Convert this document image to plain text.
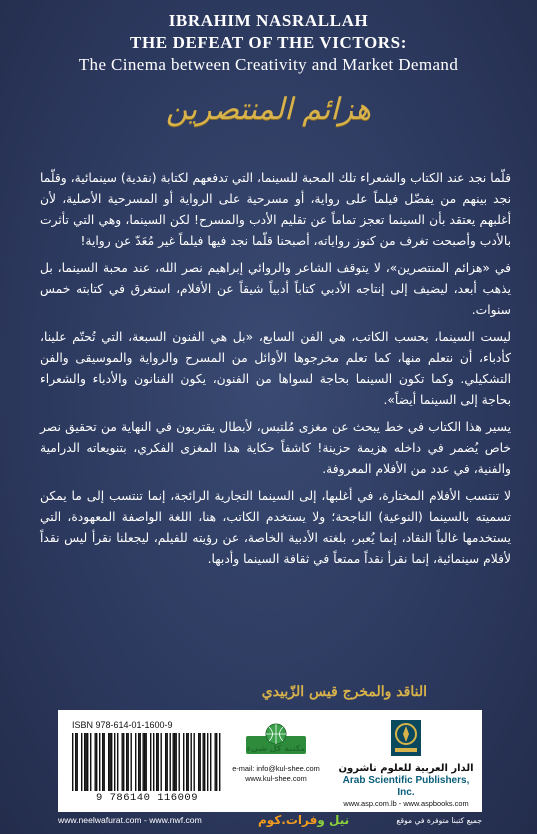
IBRAHIM NASRALLAH
THE DEFEAT OF THE VICTORS:
The Cinema between Creativity and Market Demand
هزائم المنتصرين

قلّما نجد عند الكتاب والشعراء تلك المحبة للسينما، التي تدفعهم لكتابة (نقدية) سينمائية، وقلّما نجد بينهم من يفضّل فيلماً على رواية، أو مسرحية على الرواية أو المسرحية الأصلية، لأن أغلبهم يعتقد بأن السينما تعجز تماماً عن تقليم الأدب والمسرح! لكن السينما، وهي التي تأثرت بالأدب وأصبحت تغرف من كنوز رواياته، أصبحنا قلّما نجد فيها فيلماً غير مُعَدّ عن رواية!

في «هزائم المنتصرين»، لا يتوقف الشاعر والروائي إبراهيم نصر الله، عند محبة السينما، بل يذهب أبعد، ليضيف إلى إنتاجه الأدبي كتاباً أدبياً شيقاً عن الأفلام، استغرق في كتابته خمس سنوات.

ليست السينما، بحسب الكاتب، هي الفن السابع، «بل هي الفنون السبعة، التي تُحتّم علينا، كأدباء، أن نتعلم منها، كما تعلم مخرجوها الأوائل من المسرح والرواية والموسيقى والفن التشكيلي. وكما تكون السينما بحاجة لسواها من الفنون، يكون الفنانون والأدباء والشعراء بحاجة إلى السينما أيضاً».

يسير هذا الكتاب في خط يبحث عن مغزى مُلتبس، لأبطال يقتربون في النهاية من تحقيق نصر خاص يُضمر في داخله هزيمة حزينة! كاشفاً حكاية هذا المغزى الفكري، بتنويعاته الدرامية والفنية، في عدد من الأفلام المعروفة.

لا تنتسب الأفلام المختارة، في أغلبها، إلى السينما التجارية الرائجة، إنما تنتسب إلى ما يمكن تسميته بالسينما (النوعية) الناجحة؛ ولا يستخدم الكاتب، هنا، اللغة الواصفة المعهودة، التي يستخدمها غالباً النقاد، إنما يُعبر، بلغته الأدبية الخاصة، عن رؤيته للفيلم، ليجعلنا نقرأ ليس نقداً لأفلام سينمائية، إنما نقرأ نقداً ممتعاً في ثقافة السينما وأدبها.

الناقد والمخرج قيس الزّبيدي
ISBN 978-614-01-1600-9
9 786140 116009
مكتبة كل شيء
e-mail: info@kul-shee.com
www.kul-shee.com
الدار العربية للعلوم ناشرون
Arab Scientific Publishers, Inc.
www.asp.com.lb - www.aspbooks.com
www.neelwafurat.com - www.nwf.com	نيل وفرات.كوم	جميع كتبنا متوفرة في موقع
